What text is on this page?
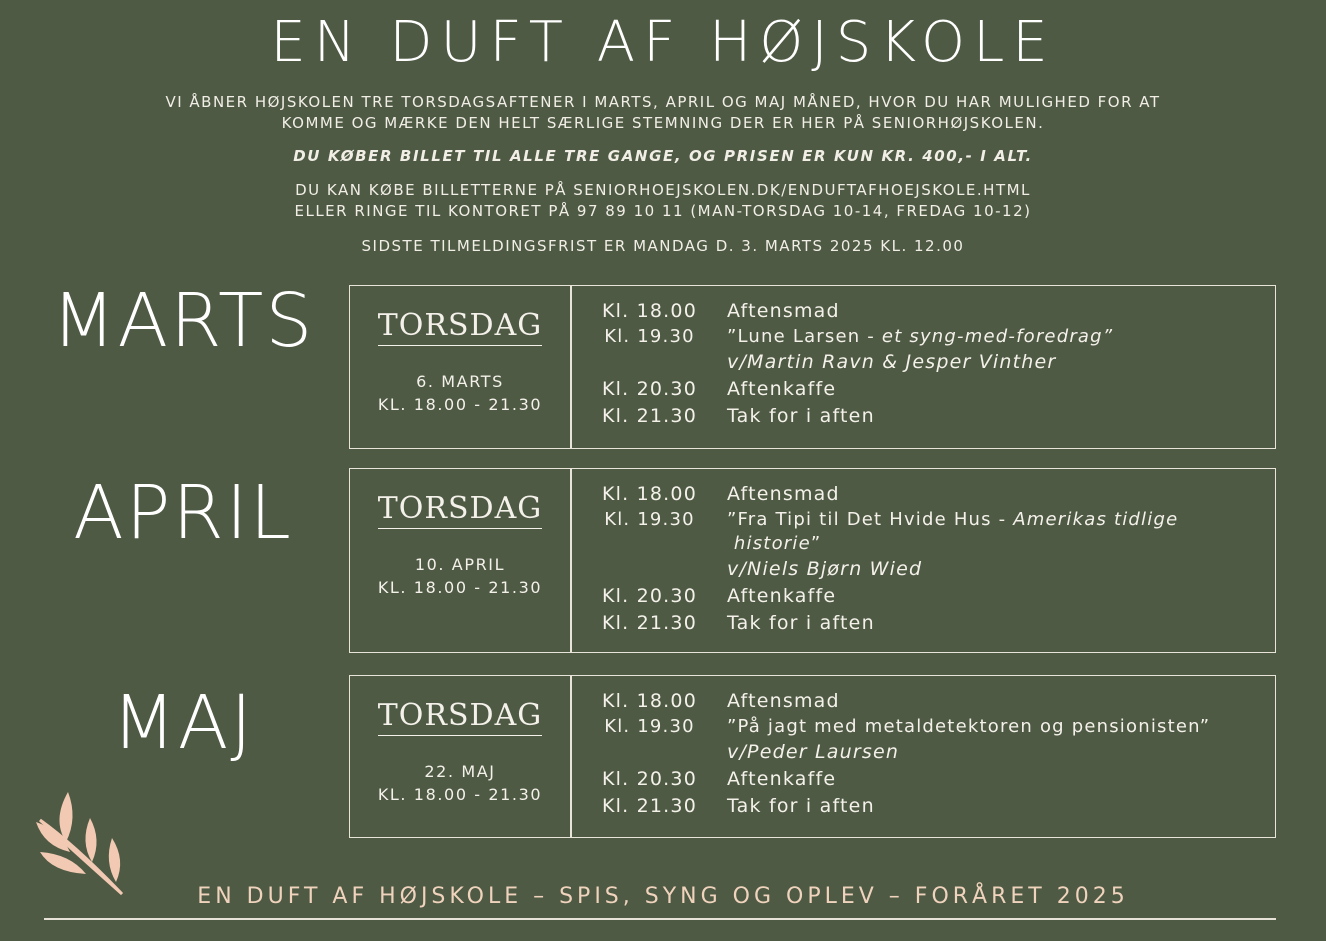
EN DUFT AF HØJSKOLE
VI ÅBNER HØJSKOLEN TRE TORSDAGSAFTENER I MARTS, APRIL OG MAJ MÅNED, HVOR DU HAR MULIGHED FOR AT
KOMME OG MÆRKE DEN HELT SÆRLIGE STEMNING DER ER HER PÅ SENIORHØJSKOLEN.
DU KØBER BILLET TIL ALLE TRE GANGE, OG PRISEN ER KUN KR. 400,- I ALT.
DU KAN KØBE BILLETTERNE PÅ SENIORHOEJSKOLEN.DK/ENDUFTAFHOEJSKOLE.HTML
ELLER RINGE TIL KONTORET PÅ 97 89 10 11 (MAN-TORSDAG 10-14, FREDAG 10-12)
SIDSTE TILMELDINGSFRIST ER MANDAG D. 3. MARTS 2025 KL. 12.00
MARTS	TORSDAG
6. MARTS
KL. 18.00 - 21.30
Kl. 18.00	Aftensmad
Kl. 19.30	”Lune Larsen - et syng-med-foredrag”
v/Martin Ravn & Jesper Vinther
Kl. 20.30	Aftenkaffe
Kl. 21.30	Tak for i aften
APRIL	TORSDAG
10. APRIL
KL. 18.00 - 21.30
Kl. 18.00	Aftensmad
Kl. 19.30	”Fra Tipi til Det Hvide Hus - Amerikas tidlige
historie”
v/Niels Bjørn Wied
Kl. 20.30	Aftenkaffe
Kl. 21.30	Tak for i aften
MAJ	TORSDAG
22. MAJ
KL. 18.00 - 21.30
Kl. 18.00	Aftensmad
Kl. 19.30	”På jagt med metaldetektoren og pensionisten”
v/Peder Laursen
Kl. 20.30	Aftenkaffe
Kl. 21.30	Tak for i aften
EN DUFT AF HØJSKOLE – SPIS, SYNG OG OPLEV – FORÅRET 2025
